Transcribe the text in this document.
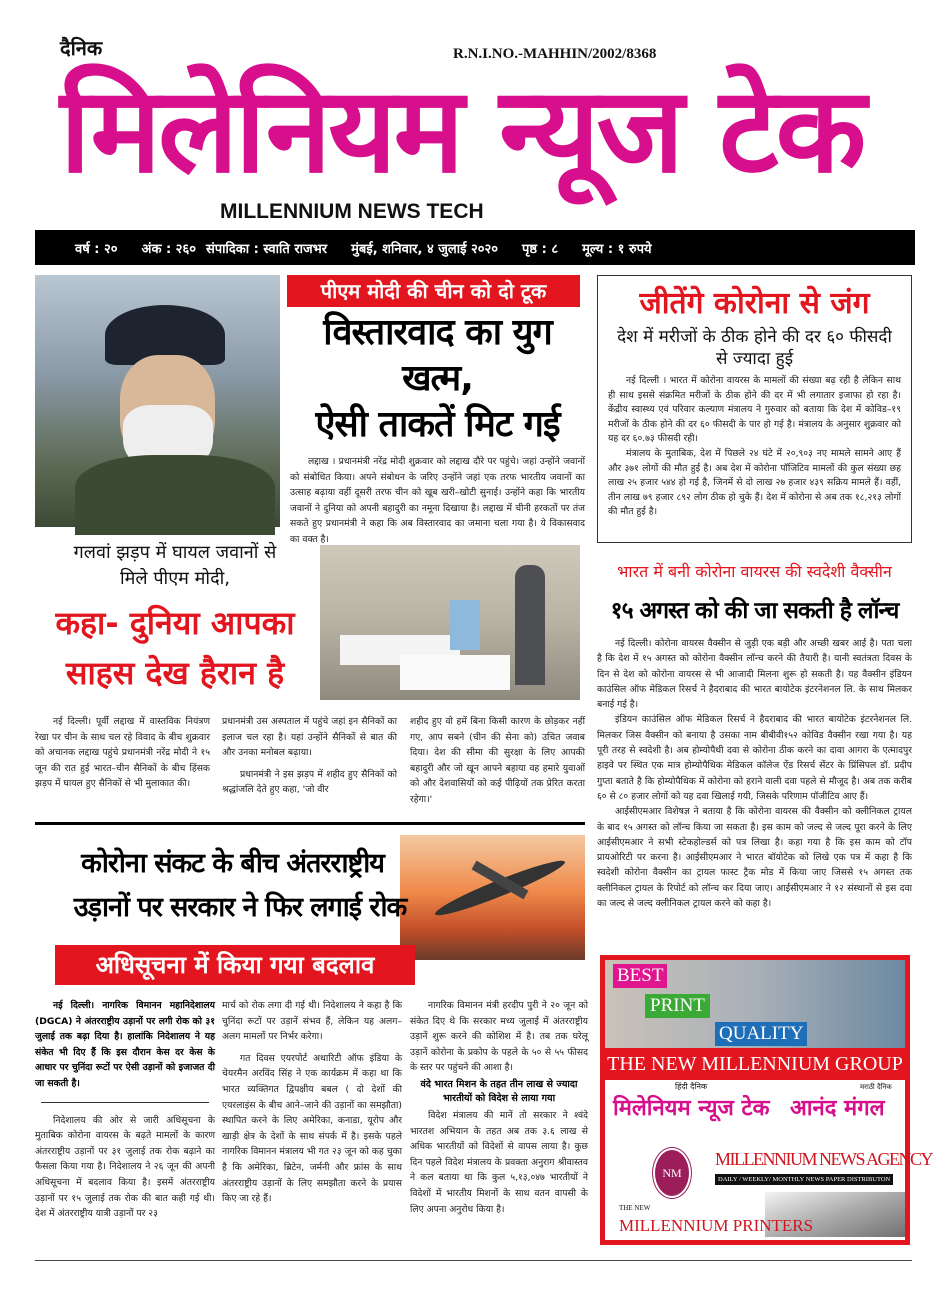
दैनिक	R.N.I.NO.-MAHHIN/2002/8368
मिलेनियम न्यूज टेक
MILLENNIUM NEWS TECH
वर्ष : २० अंक : २६० संपादिका : स्वाति राजभर मुंबई, शनिवार, ४ जुलाई २०२० पृष्ठ : ८ मूल्य : १ रुपये
पीएम मोदी की चीन को दो टूक
विस्तारवाद का युग खत्म,
ऐसी ताकतें मिट गई

लद्दाख । प्रधानमंत्री नरेंद्र मोदी शुक्रवार को लद्दाख दौरे पर पहुंचे। जहां उन्होंने जवानों को संबोधित किया। अपने संबोधन के जरिए उन्होंने जहां एक तरफ भारतीय जवानों का उत्साह बढ़ाया वहीं दूसरी तरफ चीन को खूब खरी–खोटी सुनाई। उन्होंने कहा कि भारतीय जवानों ने दुनिया को अपनी बहादुरी का नमूना दिखाया है। लद्दाख में चीनी हरकतों पर तंज सकते हुए प्रधानमंत्री ने कहा कि अब विस्तारवाद का जमाना चला गया है। ये विकासवाद का वक्त है।

जीतेंगे कोरोना से जंग
देश में मरीजों के ठीक होने की दर ६० फीसदी से ज्यादा हुई

नई दिल्ली । भारत में कोरोना वायरस के मामलों की संख्या बढ़ रही है लेकिन साथ ही साथ इससे संक्रमित मरीजों के ठीक होने की दर में भी लगातार इजाफा हो रहा है। केंद्रीय स्वास्थ्य एवं परिवार कल्याण मंत्रालय ने गुरुवार को बताया कि देश में कोविड–१९ मरीजों के ठीक होने की दर ६० फीसदी के पार हो गई है। मंत्रालय के अनुसार शुक्रवार को यह दर ६०.७३ फीसदी रही।

मंत्रालय के मुताबिक, देश में पिछले २४ घंटे में २०,९०३ नए मामले सामने आए हैं और ३७१ लोगों की मौत हुई है। अब देश में कोरोना पॉजिटिव मामलों की कुल संख्या छह लाख २५ हजार ५४४ हो गई है, जिनमें से दो लाख २७ हजार ४३९ सक्रिय मामले हैं। वहीं, तीन लाख ७९ हजार ८९२ लोग ठीक हो चुके हैं। देश में कोरोना से अब तक १८,२१३ लोगों की मौत हुई है।

गलवां झड़प में घायल जवानों से
मिले पीएम मोदी,
कहा- दुनिया आपका
साहस देख हैरान है
नई दिल्ली। पूर्वी लद्दाख में वास्तविक नियंत्रण रेखा पर चीन के साथ चल रहे विवाद के बीच शुक्रवार को अचानक लद्दाख पहुंचे प्रधानमंत्री नरेंद्र मोदी ने १५ जून की रात हुई भारत–चीन सैनिकों के बीच हिंसक झड़प में घायल हुए सैनिकों से भी मुलाकात की।

प्रधानमंत्री उस अस्पताल में पहुंचे जहां इन सैनिकों का इलाज चल रहा है। यहां उन्होंने सैनिकों से बात की और उनका मनोबल बढ़ाया।

प्रधानमंत्री ने इस झड़प में शहीद हुए सैनिकों को श्रद्धांजलि देते हुए कहा, 'जो वीर

शहीद हुए वो हमें बिना किसी कारण के छोड़कर नहीं गए, आप सबने (चीन की सेना को) उचित जवाब दिया। देश की सीमा की सुरक्षा के लिए आपकी बहादुरी और जो खून आपने बहाया वह हमारे युवाओं को और देशवासियों को कई पीढ़ियों तक प्रेरित करता रहेगा।'
भारत में बनी कोरोना वायरस की स्वदेशी वैक्सीन
१५ अगस्त को की जा सकती है लॉन्च

नई दिल्ली। कोरोना वायरस वैक्सीन से जुड़ी एक बड़ी और अच्छी खबर आई है। पता चला है कि देश में १५ अगस्त को कोरोना वैक्सीन लॉन्च करने की तैयारी है। यानी स्वतंत्रता दिवस के दिन से देश को कोरोना वायरस से भी आजादी मिलना शुरू हो सकती है। यह वैक्सीन इंडियन काउंसिल ऑफ मेडिकल रिसर्च ने हैदराबाद की भारत बायोटेक इंटरनेशनल लि. के साथ मिलकर बनाई गई है।

इंडियन काउंसिल ऑफ मेडिकल रिसर्च ने हैदराबाद की भारत बायोटेक इंटरनेशनल लि. मिलकर जिस वैक्सीन को बनाया है उसका नाम बीबीवी१५२ कोविड वैक्सीन रखा गया है। यह पूरी तरह से स्वदेशी है। अब होम्योपैथी दवा से कोरोना ठीक करने का दावा आगरा के एत्मादपुर हाइवे पर स्थित एक मात्र होम्योपैथिक मेडिकल कॉलेज ऐंड रिसर्च सेंटर के प्रिंसिपल डॉ. प्रदीप गुप्ता बताते है कि होम्योपैथिक में कोरोना को हराने वाली दवा पहले से मौजूद है। अब तक करीब ६० से ८० हजार लोगों को यह दवा खिलाई गयी, जिसके परिणाम पॉजीटिव आए हैं।

आईसीएमआर विशेषज्ञ ने बताया है कि कोरोना वायरस की वैक्सीन को क्लीनिकल ट्रायल के बाद १५ अगस्त को लॉन्च किया जा सकता है। इस काम को जल्द से जल्द पूरा करने के लिए आईसीएमआर ने सभी स्टेकहोल्डर्स को पत्र लिखा है। कहा गया है कि इस काम को टॉप प्रायओरिटी पर करना है। आईसीएमआर ने भारत बॉयोटेक को लिखे एक पत्र में कहा है कि स्वदेशी कोरोना वैक्सीन का ट्रायल फास्ट ट्रैक मोड में किया जाए जिससे १५ अगस्त तक क्लीनिकल ट्रायल के रिपोर्ट को लॉन्च कर दिया जाए। आईसीएमआर ने १२ संस्थानों से इस दवा का जल्द से जल्द क्लीनिकल ट्रायल करने को कहा है।

कोरोना संकट के बीच अंतरराष्ट्रीय
उड़ानों पर सरकार ने फिर लगाई रोक
अधिसूचना में किया गया बदलाव

नई दिल्ली। नागरिक विमानन महानिदेशालय (DGCA) ने अंतरराष्ट्रीय उड़ानों पर लगी रोक को ३१ जुलाई तक बढ़ा दिया है। हालांकि निदेशालय ने यह संकेत भी दिए हैं कि इस दौरान केस दर केस के आधार पर चुनिंदा रूटों पर ऐसी उड़ानों को इजाजत दी जा सकती है।

निदेशालय की ओर से जारी अधिसूचना के मुताबिक कोरोना वायरस के बढ़ते मामलों के कारण अंतरराष्ट्रीय उड़ानों पर ३१ जुलाई तक रोक बढ़ाने का फैसला किया गया है। निदेशालय ने २६ जून की अपनी अधिसूचना में बदलाव किया है। इसमें अंतरराष्ट्रीय उड़ानों पर १५ जुलाई तक रोक की बात कही गई थी। देश में अंतरराष्ट्रीय यात्री उड़ानों पर २३

मार्च को रोक लगा दी गई थी। निदेशालय ने कहा है कि चुनिंदा रूटों पर उड़ानें संभव हैं, लेकिन यह अलग–अलग मामलों पर निर्भर करेगा।

गत दिवस एयरपोर्ट अथारिटी ऑफ इंडिया के चेयरमैन अरविंद सिंह ने एक कार्यक्रम में कहा था कि भारत व्यक्तिगत द्विपक्षीय बबल ( दो देशों की एयरलाइंस के बीच आने–जाने की उड़ानों का समझौता) स्थापित करने के लिए अमेरिका, कनाडा, यूरोप और खाड़ी क्षेत्र के देशों के साथ संपर्क में है। इसके पहले नागरिक विमानन मंत्रालय भी गत २३ जून को कह चुका है कि अमेरिका, ब्रिटेन, जर्मनी और फ्रांस के साथ अंतरराष्ट्रीय उड़ानों के लिए समझौता करने के प्रयास किए जा रहे हैं।

नागरिक विमानन मंत्री हरदीप पुरी ने २० जून को संकेत दिए थे कि सरकार मध्य जुलाई में अंतरराष्ट्रीय उड़ानें शुरू करने की कोशिश में है। तब तक घरेलू उड़ानें कोरोना के प्रकोप के पहले के ५० से ५५ फीसद के स्तर पर पहुंचने की आशा है।

वंदे भारत मिशन के तहत तीन लाख से ज्यादा भारतीयों को विदेश से लाया गया

विदेश मंत्रालय की मानें तो सरकार ने श्वंदे भारतश अभियान के तहत अब तक ३.६ लाख से अधिक भारतीयों को विदेशों से वापस लाया है। कुछ दिन पहले विदेश मंत्रालय के प्रवक्ता अनुराग श्रीवास्तव ने कल बताया था कि कुल ५,१३,०४७ भारतीयों ने विदेशों में भारतीय मिशनों के साथ वतन वापसी के लिए अपना अनुरोध किया है।

BEST
PRINT
QUALITY
THE NEW MILLENNIUM GROUP
हिंदी दैनिक
मिलेनियम न्यूज टेक
मराठी दैनिक
आनंद मंगल
NM
MILLENNIUM NEWS AGENCY
DAILY / WEEKLY/ MONTHLY NEWS PAPER DISTRIBUTON
THE NEW
MILLENNIUM PRINTERS
